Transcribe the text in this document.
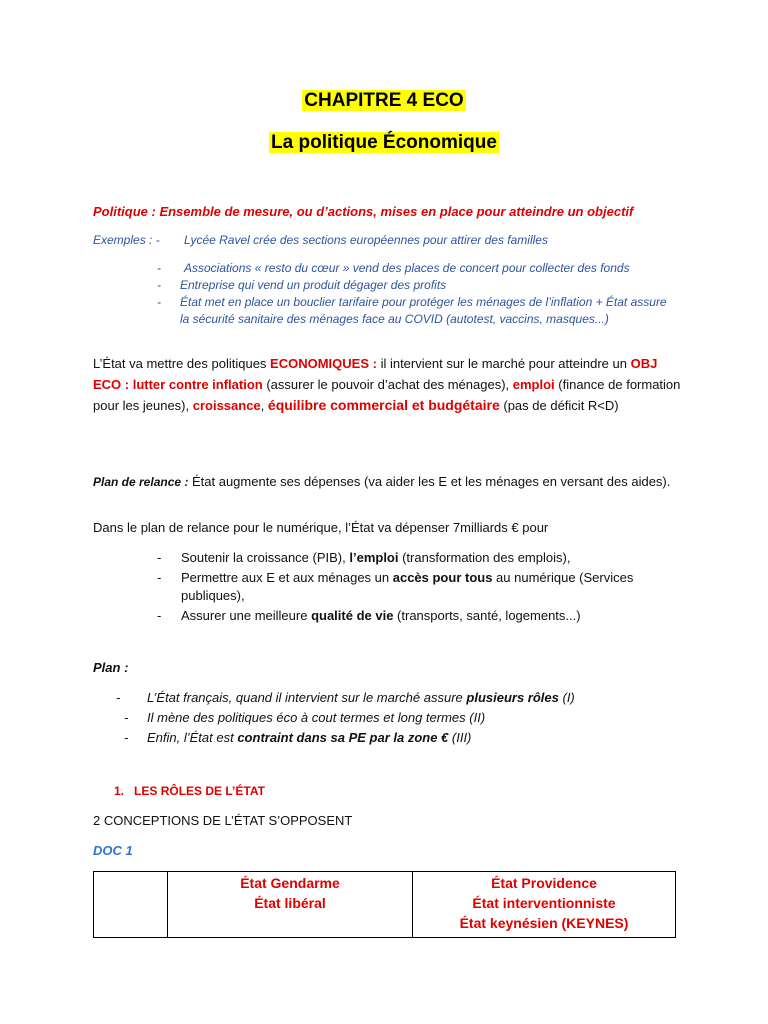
CHAPITRE 4 ECO
La politique Économique
Politique : Ensemble de mesure, ou d’actions, mises en place pour atteindre un objectif
Exemples : - Lycée Ravel crée des sections européennes pour attirer des familles
-	Associations « resto du cœur » vend des places de concert pour collecter des fonds
-	Entreprise qui vend un produit dégager des profits
-	État met en place un bouclier tarifaire pour protéger les ménages de l’inflation + État assure la sécurité sanitaire des ménages face au COVID (autotest, vaccins, masques...)
L’État va mettre des politiques ECONOMIQUES : il intervient sur le marché pour atteindre un OBJ ECO : lutter contre inflation (assurer le pouvoir d’achat des ménages), emploi (finance de formation pour les jeunes), croissance, équilibre commercial et budgétaire (pas de déficit R<D)
Plan de relance : État augmente ses dépenses (va aider les E et les ménages en versant des aides).
Dans le plan de relance pour le numérique, l’État va dépenser 7milliards € pour
-	Soutenir la croissance (PIB), l’emploi (transformation des emplois),
-	Permettre aux E et aux ménages un accès pour tous au numérique (Services publiques),
-	Assurer une meilleure qualité de vie (transports, santé, logements...)
Plan :
-	L’État français, quand il intervient sur le marché assure plusieurs rôles (I)
-	Il mène des politiques éco à cout termes et long termes (II)
-	Enfin, l’État est contraint dans sa PE par la zone € (III)
1. LES RÔLES DE L’ÉTAT
2 CONCEPTIONS DE L’ÉTAT S’OPPOSENT
DOC 1

État Gendarme
État libéral

État Providence
État interventionniste
État keynésien (KEYNES)
